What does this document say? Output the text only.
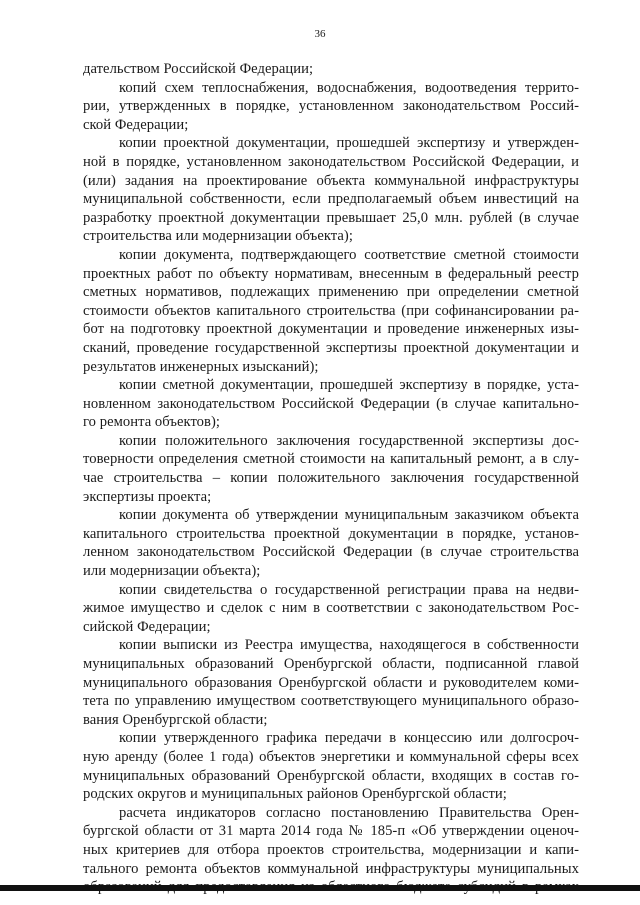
36
дательством Российской Федерации;
копий схем теплоснабжения, водоснабжения, водоотведения террито-
рии, утвержденных в порядке, установленном законодательством Россий-
ской Федерации;
копии проектной документации, прошедшей экспертизу и утвержден-
ной в порядке, установленном законодательством Российской Федерации, и
(или) задания на проектирование объекта коммунальной инфраструктуры
муниципальной собственности, если предполагаемый объем инвестиций на
разработку проектной документации превышает 25,0 млн. рублей (в случае
строительства или модернизации объекта);
копии документа, подтверждающего соответствие сметной стоимости
проектных работ по объекту нормативам, внесенным в федеральный реестр
сметных нормативов, подлежащих применению при определении сметной
стоимости объектов капитального строительства (при софинансировании ра-
бот на подготовку проектной документации и проведение инженерных изы-
сканий, проведение государственной экспертизы проектной документации и
результатов инженерных изысканий);
копии сметной документации, прошедшей экспертизу в порядке, уста-
новленном законодательством Российской Федерации (в случае капитально-
го ремонта объектов);
копии положительного заключения государственной экспертизы дос-
товерности определения сметной стоимости на капитальный ремонт, а в слу-
чае строительства – копии положительного заключения государственной
экспертизы проекта;
копии документа об утверждении муниципальным заказчиком объекта
капитального строительства проектной документации в порядке, установ-
ленном законодательством Российской Федерации (в случае строительства
или модернизации объекта);
копии свидетельства о государственной регистрации права на недви-
жимое имущество и сделок с ним в соответствии с законодательством Рос-
сийской Федерации;
копии выписки из Реестра имущества, находящегося в собственности
муниципальных образований Оренбургской области, подписанной главой
муниципального образования Оренбургской области и руководителем коми-
тета по управлению имуществом соответствующего муниципального образо-
вания Оренбургской области;
копии утвержденного графика передачи в концессию или долгосроч-
ную аренду (более 1 года) объектов энергетики и коммунальной сферы всех
муниципальных образований Оренбургской области, входящих в состав го-
родских округов и муниципальных районов Оренбургской области;
расчета индикаторов согласно постановлению Правительства Орен-
бургской области от 31 марта 2014 года № 185-п «Об утверждении оценоч-
ных критериев для отбора проектов строительства, модернизации и капи-
тального ремонта объектов коммунальной инфраструктуры муниципальных
